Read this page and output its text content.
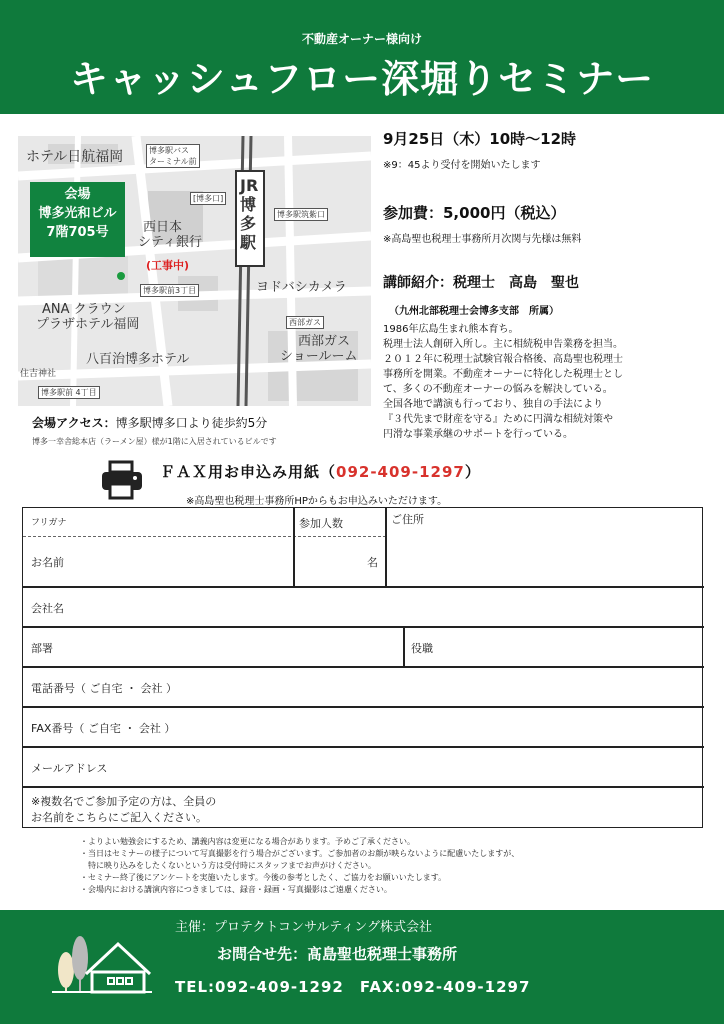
不動産オーナー様向け
キャッシュフロー深堀りセミナー
会場
博多光和ビル
7階705号
ホテル日航福岡	博多駅バス
ターミナル前
[博多口]
西日本
シティ銀行
(工事中)
JR博多駅
博多駅筑紫口
ヨドバシカメラ
博多駅前3丁目
ANA クラウン
プラザホテル福岡	西部ガス
西部ガス
ショールーム
八百治博多ホテル
住吉神社
博多駅前 4丁目
会場アクセス：博多駅博多口より徒歩約5分
博多一幸舎総本店（ラーメン屋）様が1階に入居されているビルです
9月25日（木）10時〜12時
※9：45より受付を開始いたします
参加費：5,000円（税込）
※高島聖也税理士事務所月次関与先様は無料
講師紹介：税理士　高島　聖也
（九州北部税理士会博多支部　所属）
1986年広島生まれ熊本育ち。
税理士法人創研入所し。主に相続税申告業務を担当。
２０１２年に税理士試験官報合格後、高島聖也税理士
事務所を開業。不動産オーナーに特化した税理士とし
て、多くの不動産オーナーの悩みを解決している。
全国各地で講演も行っており、独自の手法により
『３代先まで財産を守る』ために円満な相続対策や
円滑な事業承継のサポートを行っている。
ＦＡＸ用お申込み用紙（092-409-1297）
※高島聖也税理士事務所HPからもお申込みいただけます。
フリガナ	参加人数	ご住所
お名前	名
会社名
部署	役職
電話番号（ ご自宅 ・ 会社 ）
FAX番号（ ご自宅 ・ 会社 ）
メールアドレス
※複数名でご参加予定の方は、全員の
お名前をこちらにご記入ください。
・よりよい勉強会にするため、講義内容は変更になる場合があります。予めご了承ください。
・当日はセミナーの様子について写真撮影を行う場合がございます。ご参加者のお顔が映らないように配慮いたしますが、
　特に映り込みをしたくないという方は受付時にスタッフまでお声がけください。
・セミナー終了後にアンケートを実施いたします。今後の参考としたく、ご協力をお願いいたします。
・会場内における講演内容につきましては、録音・録画・写真撮影はご遠慮ください。
主催：プロテクトコンサルティング株式会社
お問合せ先：髙島聖也税理士事務所
TEL:092-409-1292　FAX:092-409-1297
